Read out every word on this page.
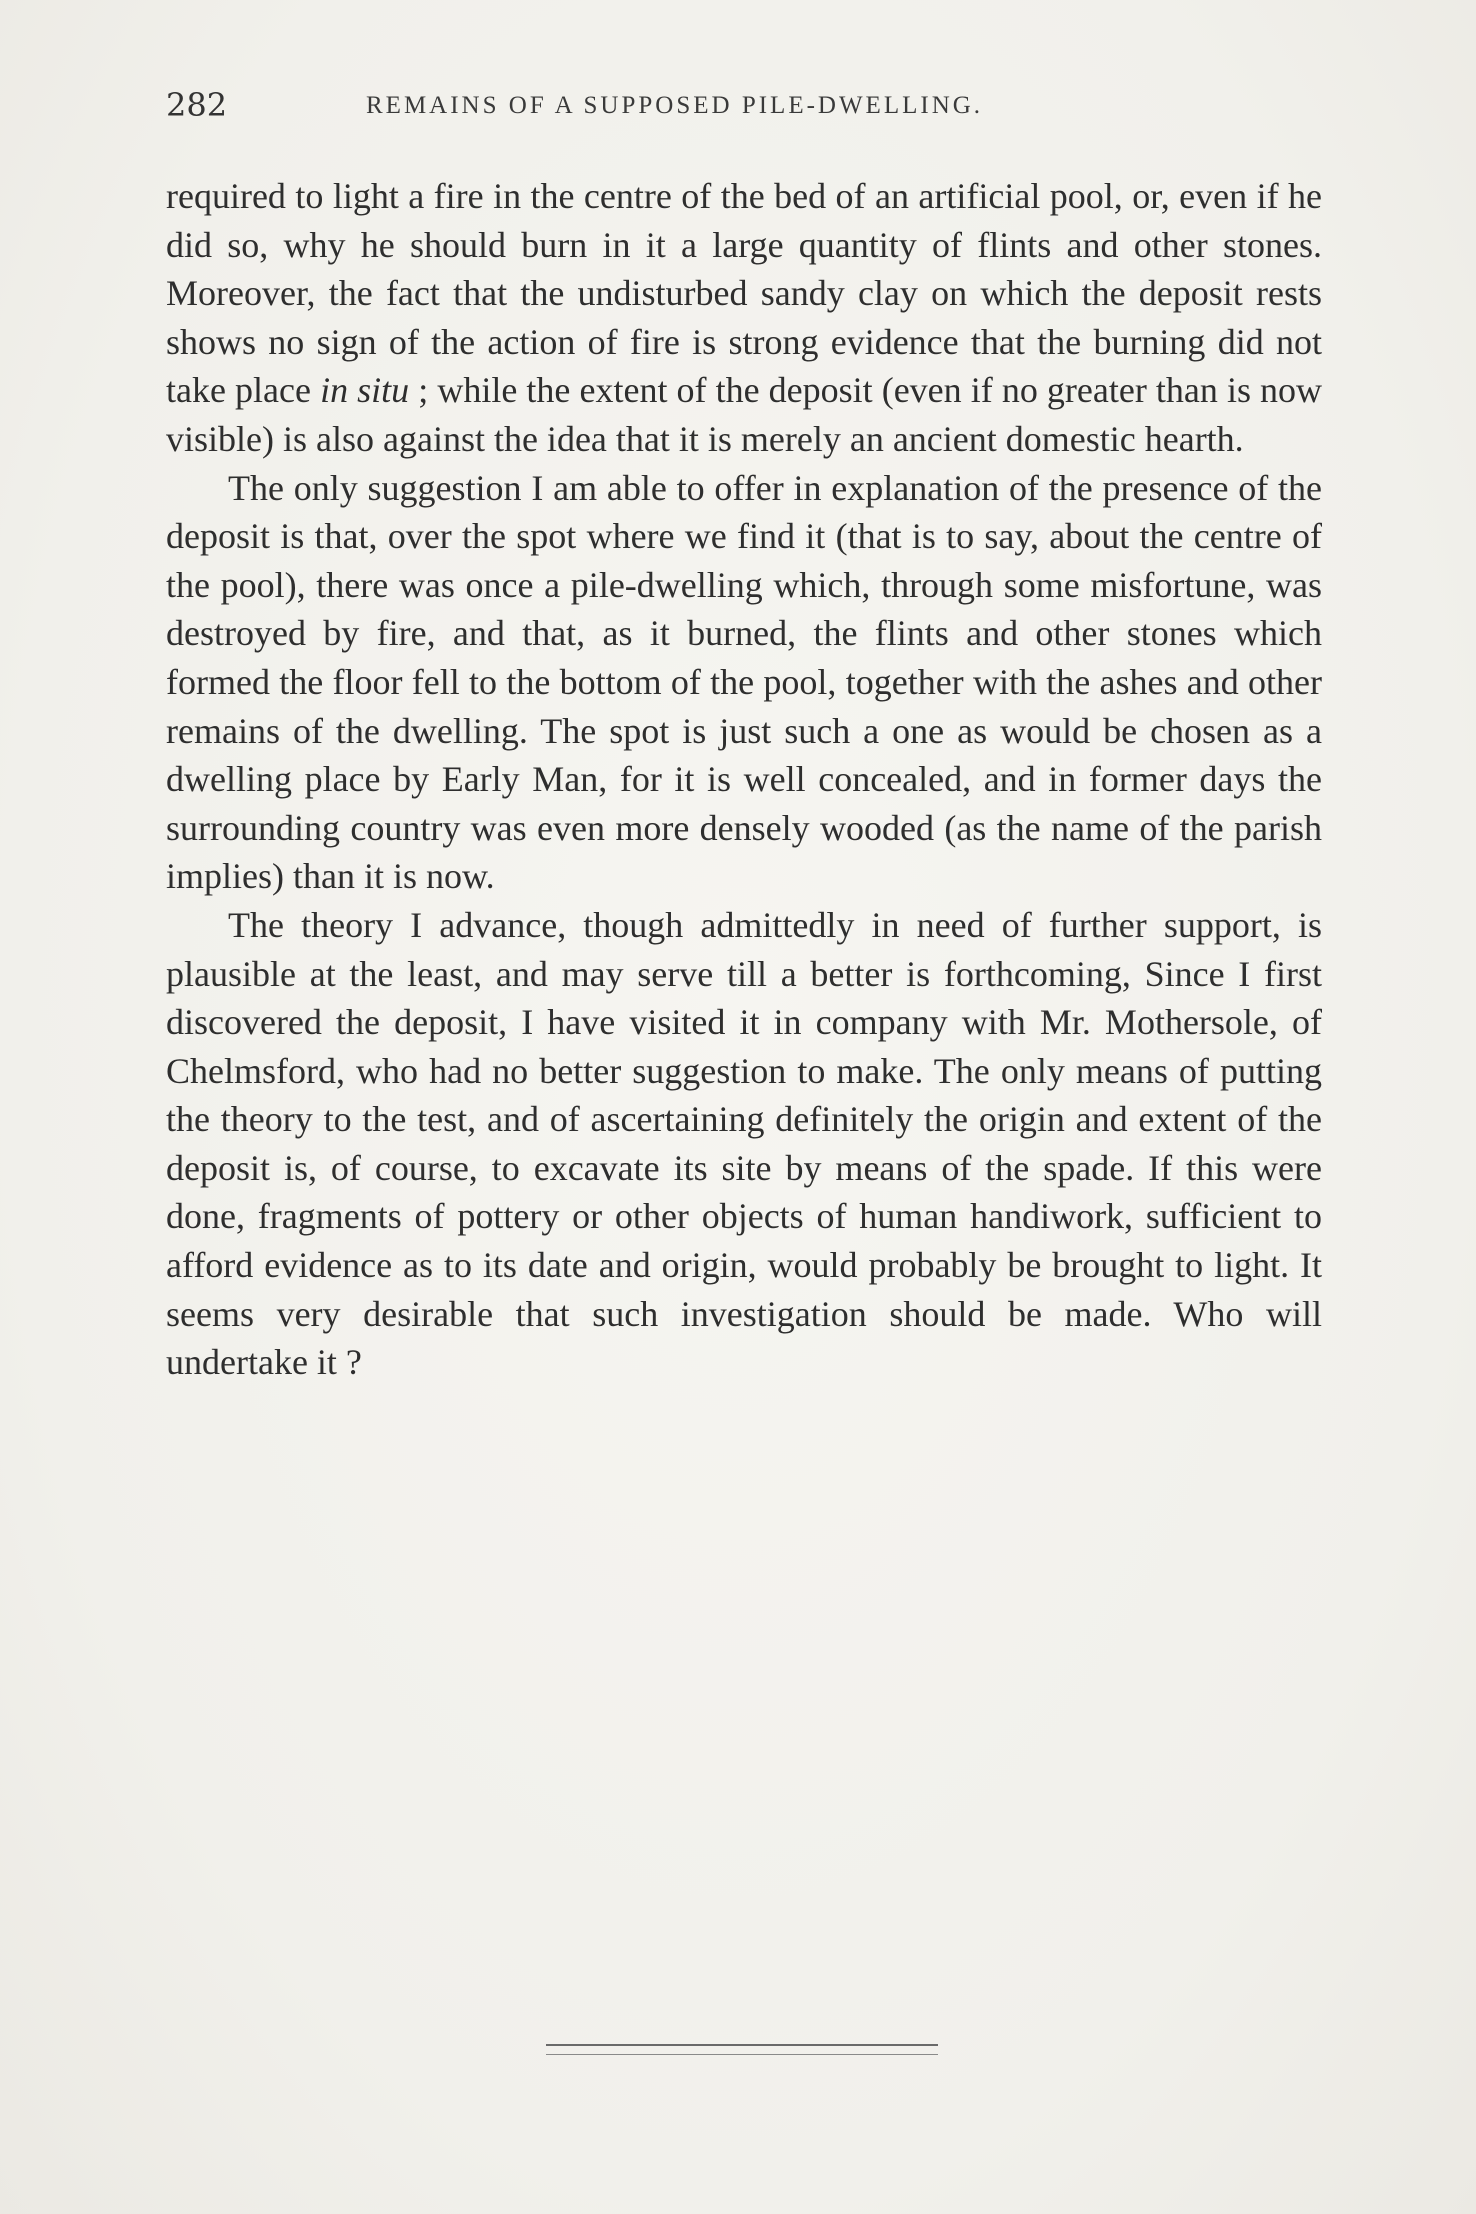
282	REMAINS OF A SUPPOSED PILE-DWELLING.

required to light a fire in the centre of the bed of an artificial pool, or, even if he did so, why he should burn in it a large quantity of flints and other stones. Moreover, the fact that the undisturbed sandy clay on which the deposit rests shows no sign of the action of fire is strong evidence that the burning did not take place in situ ; while the extent of the deposit (even if no greater than is now visible) is also against the idea that it is merely an ancient domestic hearth.

The only suggestion I am able to offer in explanation of the presence of the deposit is that, over the spot where we find it (that is to say, about the centre of the pool), there was once a pile-dwelling which, through some misfortune, was destroyed by fire, and that, as it burned, the flints and other stones which formed the floor fell to the bottom of the pool, together with the ashes and other remains of the dwelling. The spot is just such a one as would be chosen as a dwelling place by Early Man, for it is well concealed, and in former days the surrounding country was even more densely wooded (as the name of the parish implies) than it is now.

The theory I advance, though admittedly in need of further support, is plausible at the least, and may serve till a better is forthcoming, Since I first discovered the deposit, I have visited it in company with Mr. Mothersole, of Chelmsford, who had no better suggestion to make. The only means of putting the theory to the test, and of ascertaining definitely the origin and extent of the deposit is, of course, to excavate its site by means of the spade. If this were done, fragments of pottery or other objects of human handiwork, sufficient to afford evidence as to its date and origin, would probably be brought to light. It seems very desirable that such investigation should be made. Who will undertake it ?
